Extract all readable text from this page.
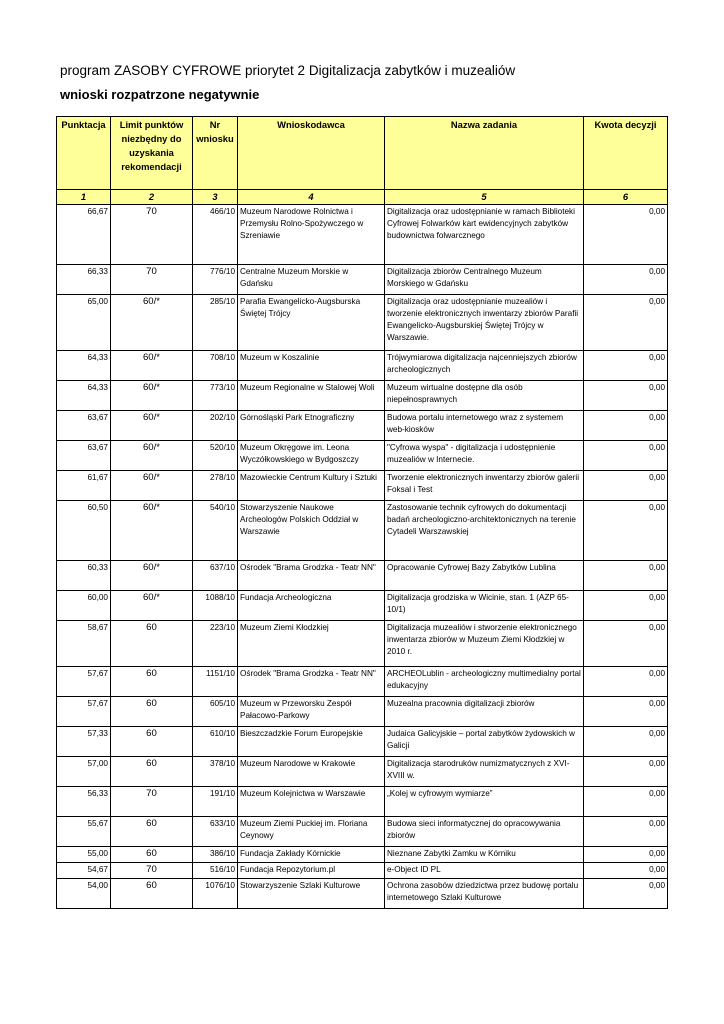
program ZASOBY CYFROWE priorytet 2 Digitalizacja zabytków i muzealiów
wnioski rozpatrzone negatywnie
Punktacja	Limit punktów niezbędny do uzyskania rekomendacji	Nr wniosku	Wnioskodawca	Nazwa zadania	Kwota decyzji
1	2	3	4	5	6
66,67	70	466/10	Muzeum Narodowe Rolnictwa i Przemysłu Rolno-Spożywczego w Szreniawie	Digitalizacja oraz udostępnianie w ramach Biblioteki Cyfrowej Folwarków kart ewidencyjnych zabytków budownictwa folwarcznego	0,00
66,33	70	776/10	Centralne Muzeum Morskie w Gdańsku	Digitalizacja zbiorów Centralnego Muzeum Morskiego w Gdańsku	0,00
65,00	60/*	285/10	Parafia Ewangelicko-Augsburska Świętej Trójcy	Digitalizacja oraz udostępnianie muzealiów i tworzenie elektronicznych inwentarzy zbiorów Parafii Ewangelicko-Augsburskiej Świętej Trójcy w Warszawie.	0,00
64,33	60/*	708/10	Muzeum w Koszalinie	Trójwymiarowa digitalizacja najcenniejszych zbiorów archeologicznych	0,00
64,33	60/*	773/10	Muzeum Regionalne w Stalowej Woli	Muzeum wirtualne dostępne dla osób niepełnosprawnych	0,00
63,67	60/*	202/10	Górnośląski Park Etnograficzny	Budowa portalu internetowego wraz z systemem web-kiosków	0,00
63,67	60/*	520/10	Muzeum Okręgowe im. Leona Wyczółkowskiego w Bydgoszczy	"Cyfrowa wyspa" - digitalizacja i udostępnienie muzealiów w Internecie.	0,00
61,67	60/*	278/10	Mazowieckie Centrum Kultury i Sztuki	Tworzenie elektronicznych inwentarzy zbiorów galerii Foksal i Test	0,00
60,50	60/*	540/10	Stowarzyszenie Naukowe Archeologów Polskich Oddział w Warszawie	Zastosowanie technik cyfrowych do dokumentacji badań archeologiczno-architektonicznych na terenie Cytadeli Warszawskiej	0,00
60,33	60/*	637/10	Ośrodek "Brama Grodzka - Teatr NN"	Opracowanie Cyfrowej Bazy Zabytków Lublina	0,00
60,00	60/*	1088/10	Fundacja Archeologiczna	Digitalizacja grodziska w Wicinie, stan. 1 (AZP 65-10/1)	0,00
58,67	60	223/10	Muzeum Ziemi Kłodzkiej	Digitalizacja muzealiów i stworzenie elektronicznego inwentarza zbiorów w Muzeum Ziemi Kłodzkiej w 2010 r.	0,00
57,67	60	1151/10	Ośrodek "Brama Grodzka - Teatr NN"	ARCHEOLublin - archeologiczny multimedialny portal edukacyjny	0,00
57,67	60	605/10	Muzeum w Przeworsku Zespół Pałacowo-Parkowy	Muzealna pracownia digitalizacji zbiorów	0,00
57,33	60	610/10	Bieszczadzkie Forum Europejskie	Judaica Galicyjskie – portal zabytków żydowskich w Galicji	0,00
57,00	60	378/10	Muzeum Narodowe w Krakowie	Digitalizacja starodruków numizmatycznych z XVI-XVIII w.	0,00
56,33	70	191/10	Muzeum Kolejnictwa w Warszawie	„Kolej w cyfrowym wymiarze”	0,00
55,67	60	633/10	Muzeum Ziemi Puckiej im. Floriana Ceynowy	Budowa sieci informatycznej do opracowywania zbiorów	0,00
55,00	60	386/10	Fundacja Zakłady Kórnickie	Nieznane Zabytki Zamku w Kórniku	0,00
54,67	70	516/10	Fundacja Repozytorium.pl	e-Object ID PL	0,00
54,00	60	1076/10	Stowarzyszenie Szlaki Kulturowe	Ochrona zasobów dziedzictwa przez budowę portalu internetowego Szlaki Kulturowe	0,00
